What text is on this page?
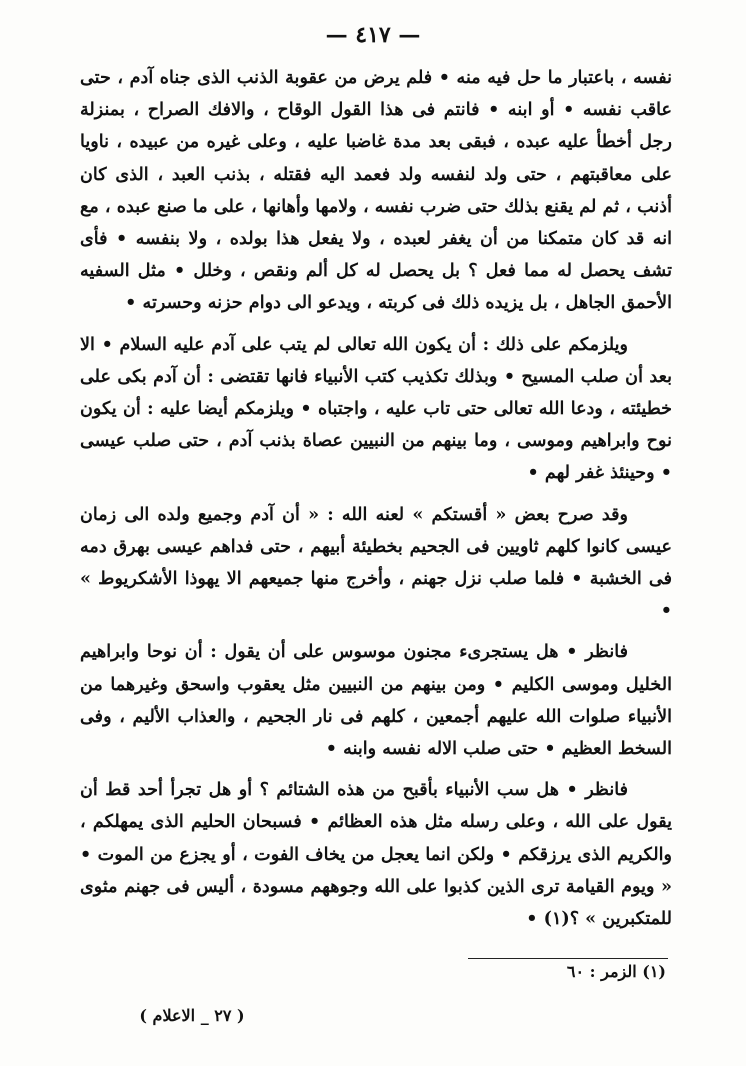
— ٤١٧ —

نفسه ، باعتبار ما حل فيه منه • فلم يرض من عقوبة الذنب الذى جناه آدم ، حتى عاقب نفسه • أو ابنه • فانتم فى هذا القول الوقاح ، والافك الصراح ، بمنزلة رجل أخطأ عليه عبده ، فبقى بعد مدة غاضبا عليه ، وعلى غيره من عبيده ، ناويا على معاقبتهم ، حتى ولد لنفسه ولد فعمد اليه فقتله ، بذنب العبد ، الذى كان أذنب ، ثم لم يقنع بذلك حتى ضرب نفسه ، ولامها وأهانها ، على ما صنع عبده ، مع انه قد كان متمكنا من أن يغفر لعبده ، ولا يفعل هذا بولده ، ولا بنفسه • فأى تشف يحصل له مما فعل ؟ بل يحصل له كل ألم ونقص ، وخلل • مثل السفيه الأحمق الجاهل ، بل يزيده ذلك فى كربته ، ويدعو الى دوام حزنه وحسرته •

ويلزمكم على ذلك : أن يكون الله تعالى لم يتب على آدم عليه السلام • الا بعد أن صلب المسيح • وبذلك تكذيب كتب الأنبياء فانها تقتضى : أن آدم بكى على خطيئته ، ودعا الله تعالى حتى تاب عليه ، واجتباه • ويلزمكم أيضا عليه : أن يكون نوح وابراهيم وموسى ، وما بينهم من النبيين عصاة بذنب آدم ، حتى صلب عيسى • وحينئذ غفر لهم •

وقد صرح بعض « أقستكم » لعنه الله : « أن آدم وجميع ولده الى زمان عيسى كانوا كلهم ثاويين فى الجحيم بخطيئة أبيهم ، حتى فداهم عيسى بهرق دمه فى الخشبة • فلما صلب نزل جهنم ، وأخرج منها جميعهم الا يهوذا الأشكريوط » •

فانظر • هل يستجرىء مجنون موسوس على أن يقول : أن نوحا وابراهيم الخليل وموسى الكليم • ومن بينهم من النبيين مثل يعقوب واسحق وغيرهما من الأنبياء صلوات الله عليهم أجمعين ، كلهم فى نار الجحيم ، والعذاب الأليم ، وفى السخط العظيم • حتى صلب الاله نفسه وابنه •

فانظر • هل سب الأنبياء بأقبح من هذه الشتائم ؟ أو هل تجرأ أحد قط أن يقول على الله ، وعلى رسله مثل هذه العظائم • فسبحان الحليم الذى يمهلكم ، والكريم الذى يرزقكم • ولكن انما يعجل من يخاف الفوت ، أو يجزع من الموت • « ويوم القيامة ترى الذين كذبوا على الله وجوههم مسودة ، أليس فى جهنم مثوى للمتكبرين » ؟(١) •

(١) الزمر : ٦٠
( ٢٧ _ الاعلام )
